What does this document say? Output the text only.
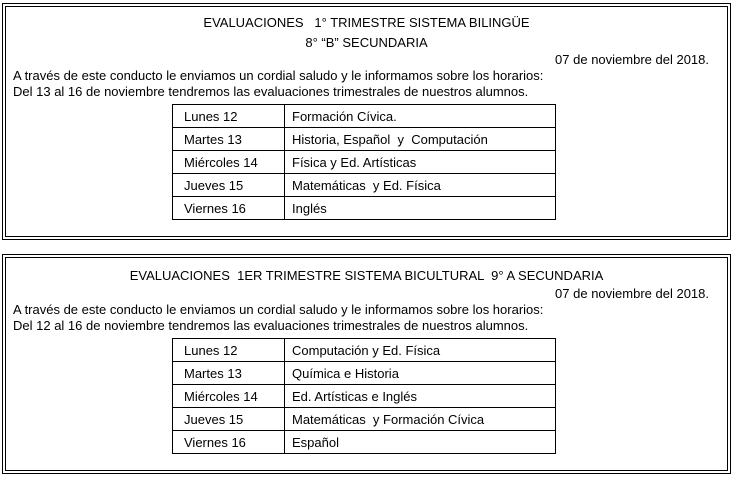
EVALUACIONES   1° TRIMESTRE SISTEMA BILINGÜE
8° “B” SECUNDARIA
07 de noviembre del 2018.
A través de este conducto le enviamos un cordial saludo y le informamos sobre los horarios:
Del 13 al 16 de noviembre tendremos las evaluaciones trimestrales de nuestros alumnos.
Lunes 12	Formación Cívica.
Martes 13	Historia, Español  y  Computación
Miércoles 14	Física y Ed. Artísticas
Jueves 15	Matemáticas  y Ed. Física
Viernes 16	Inglés
EVALUACIONES  1ER TRIMESTRE SISTEMA BICULTURAL  9° A SECUNDARIA
07 de noviembre del 2018.
A través de este conducto le enviamos un cordial saludo y le informamos sobre los horarios:
Del 12 al 16 de noviembre tendremos las evaluaciones trimestrales de nuestros alumnos.
Lunes 12	Computación y Ed. Física
Martes 13	Química e Historia
Miércoles 14	Ed. Artísticas e Inglés
Jueves 15	Matemáticas  y Formación Cívica
Viernes 16	Español
